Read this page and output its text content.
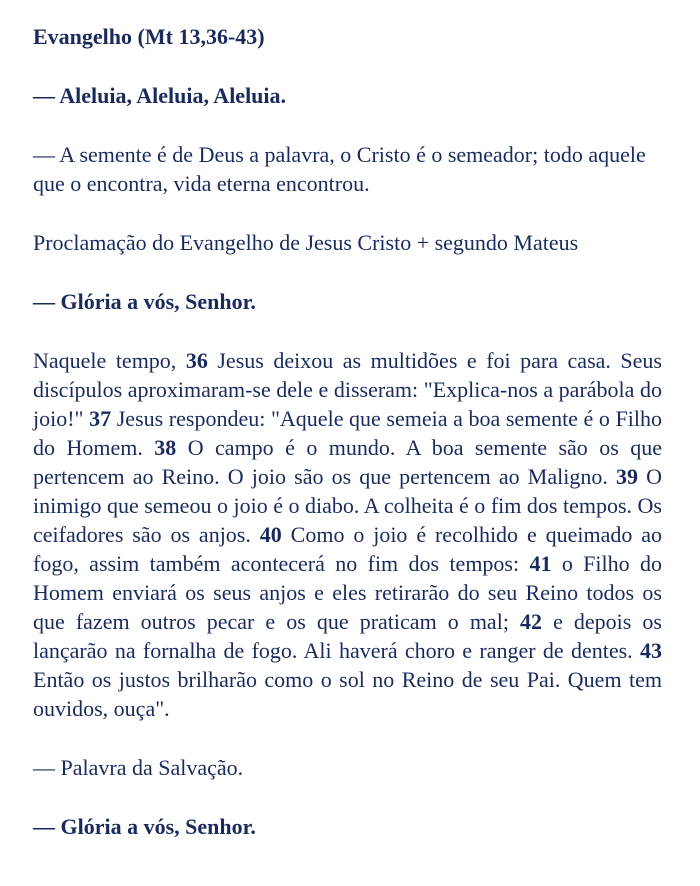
Evangelho (Mt 13,36-43)

— Aleluia, Aleluia, Aleluia.

— A semente é de Deus a palavra, o Cristo é o semeador; todo aquele que o encontra, vida eterna encontrou.

Proclamação do Evangelho de Jesus Cristo + segundo Mateus

— Glória a vós, Senhor.

Naquele tempo, 36 Jesus deixou as multidões e foi para casa. Seus discípulos aproximaram-se dele e disseram: "Explica-nos a parábola do joio!" 37 Jesus respondeu: "Aquele que semeia a boa semente é o Filho do Homem. 38 O campo é o mundo. A boa semente são os que pertencem ao Reino. O joio são os que pertencem ao Maligno. 39 O inimigo que semeou o joio é o diabo. A colheita é o fim dos tempos. Os ceifadores são os anjos. 40 Como o joio é recolhido e queimado ao fogo, assim também acontecerá no fim dos tempos: 41 o Filho do Homem enviará os seus anjos e eles retirarão do seu Reino todos os que fazem outros pecar e os que praticam o mal; 42 e depois os lançarão na fornalha de fogo. Ali haverá choro e ranger de dentes. 43 Então os justos brilharão como o sol no Reino de seu Pai. Quem tem ouvidos, ouça".

— Palavra da Salvação.

— Glória a vós, Senhor.
